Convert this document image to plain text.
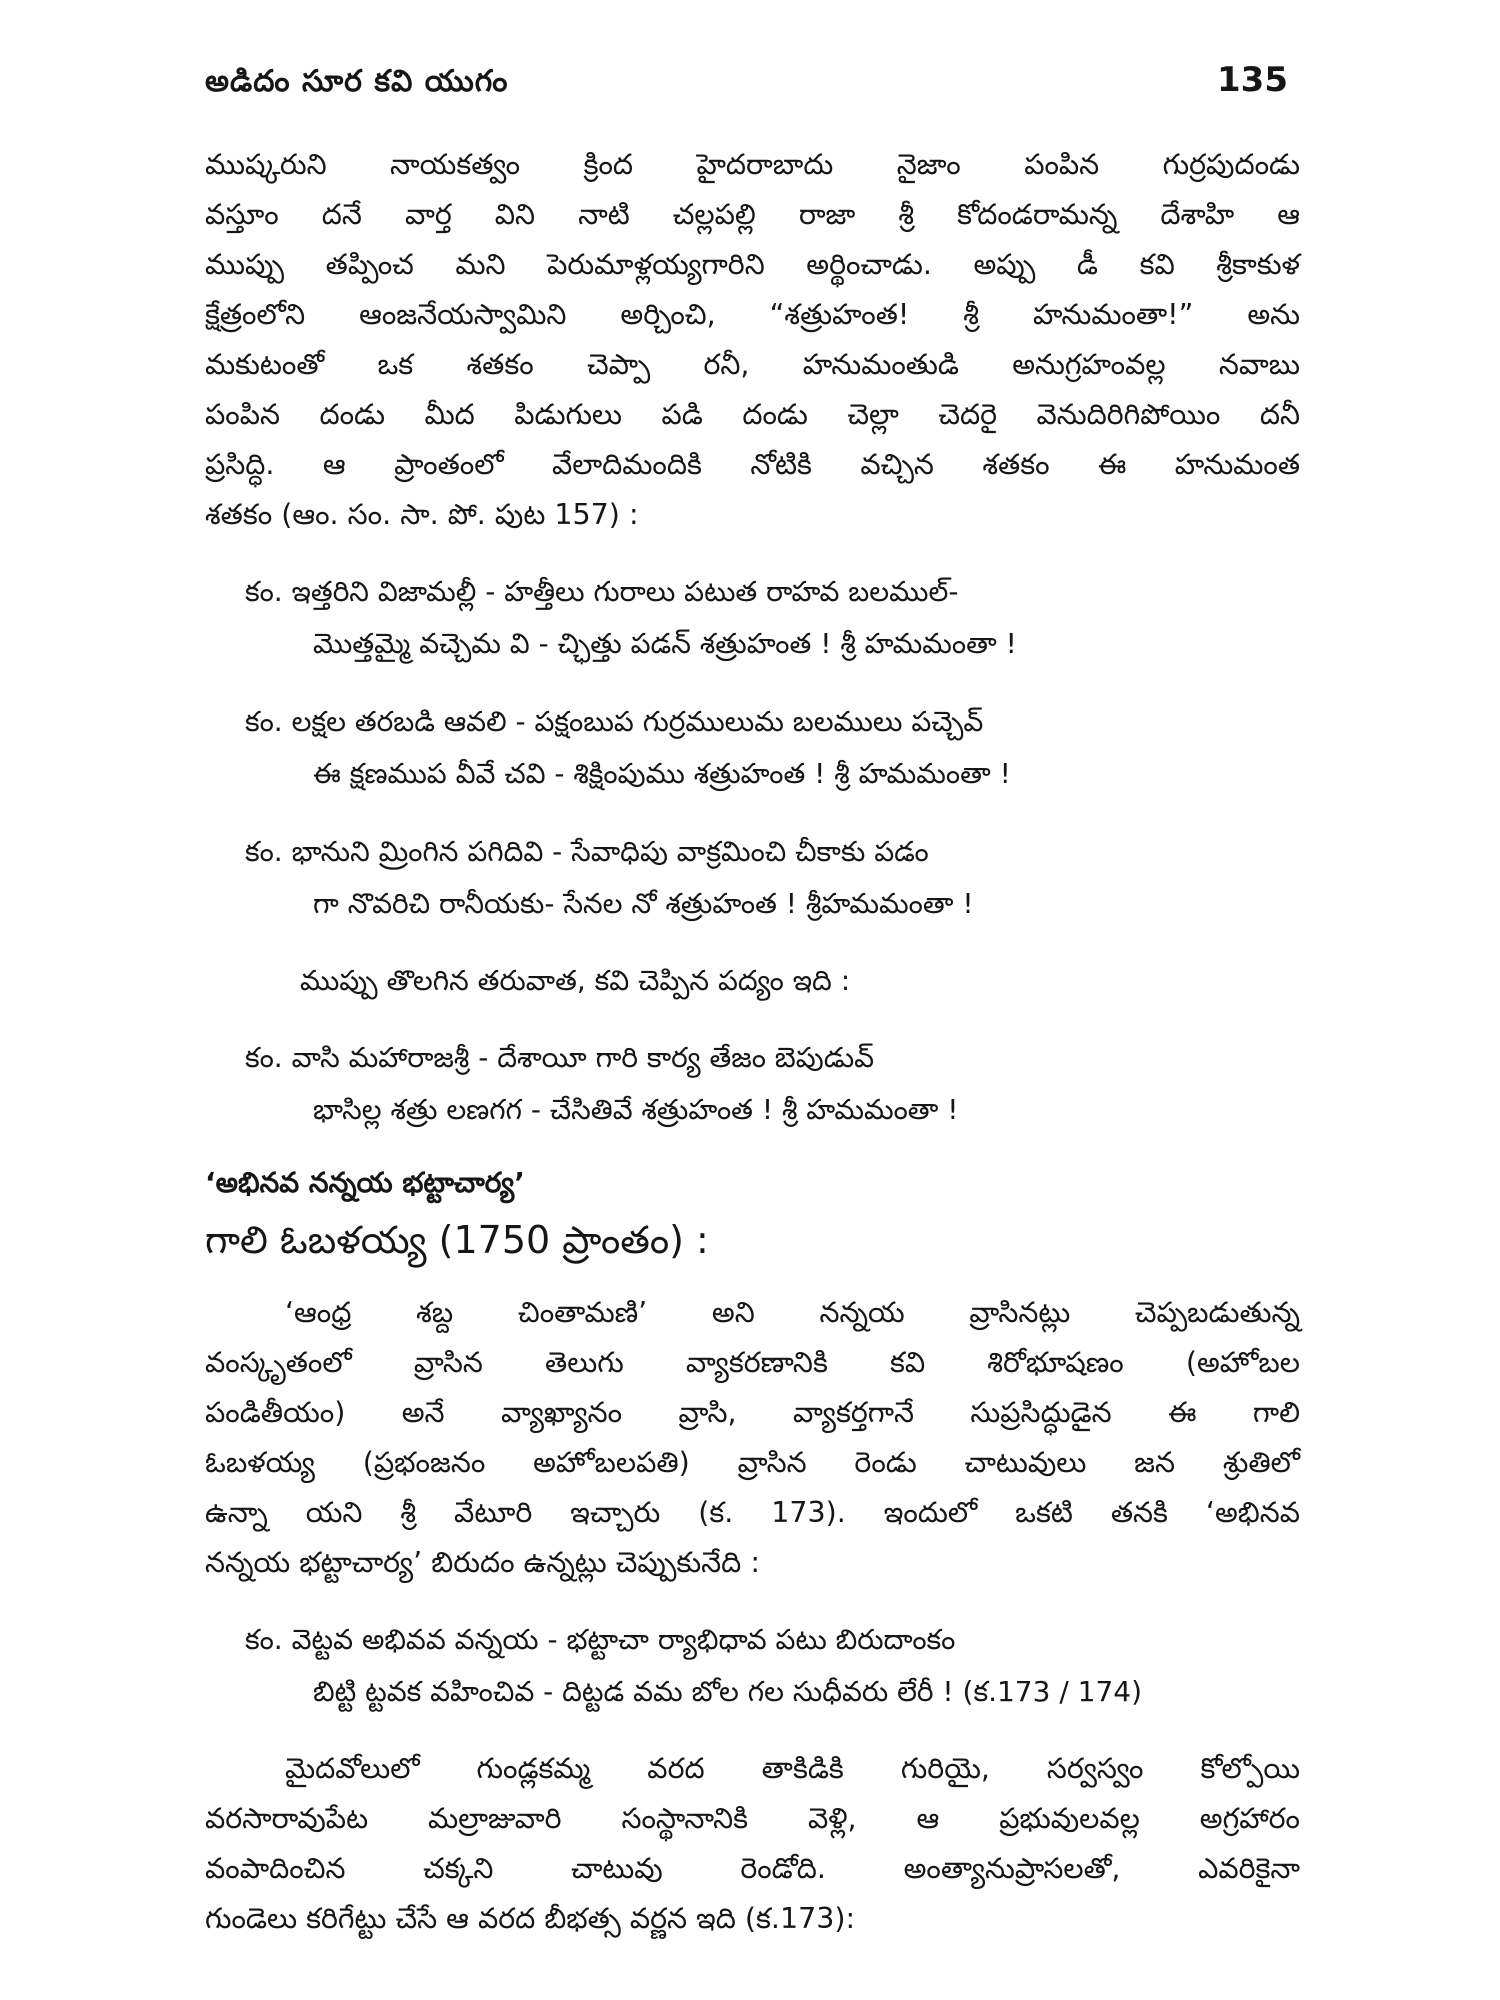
అడిదం సూర కవి యుగం	135

ముష్కరుని నాయకత్వం క్రింద హైదరాబాదు నైజాం పంపిన గుర్రపుదండు
వస్తూం దనే వార్త విని నాటి చల్లపల్లి రాజా శ్రీ కోదండరామన్న దేశాహి ఆ
ముప్పు తప్పించ మని పెరుమాళ్లయ్యగారిని అర్థించాడు. అప్పు డీ కవి శ్రీకాకుళ
క్షేత్రంలోని ఆంజనేయస్వామిని అర్చించి, “శత్రుహంత! శ్రీ హనుమంతా!” అను
మకుటంతో ఒక శతకం చెప్పా రనీ, హనుమంతుడి అనుగ్రహంవల్ల నవాబు
పంపిన దండు మీద పిడుగులు పడి దండు చెల్లా చెదరై వెనుదిరిగిపోయిం దనీ
ప్రసిద్ధి. ఆ ప్రాంతంలో వేలాదిమందికి నోటికి వచ్చిన శతకం ఈ హనుమంత
శతకం (ఆం. సం. సా. పో. పుట 157) :

కం. ఇత్తరిని విజామల్లీ - హత్తీలు గురాలు పటుత రాహవ బలముల్-
మొత్తమ్మై వచ్చెమ వి - చ్ఛిత్తు పడన్ శత్రుహంత ! శ్రీ హమమంతా !
కం. లక్షల తరబడి ఆవలి - పక్షంబుప గుర్రములుమ బలములు పచ్చెవ్
ఈ క్షణముప వీవే చవి - శిక్షింపుము శత్రుహంత ! శ్రీ హమమంతా !
కం. భానుని మ్రింగిన పగిదివి - సేవాధిపు వాక్రమించి చీకాకు పడం
గా నొవరిచి రానీయకు- సేనల నో శత్రుహంత ! శ్రీహమమంతా !
ముప్పు తొలగిన తరువాత, కవి చెప్పిన పద్యం ఇది :
కం. వాసి మహారాజశ్రీ - దేశాయీ గారి కార్య తేజం బెపుడువ్
భాసిల్ల శత్రు లణగగ - చేసితివే శత్రుహంత ! శ్రీ హమమంతా !
‘అభినవ నన్నయ భట్టాచార్య’
గాలి ఓబళయ్య (1750 ప్రాంతం) :

‘ఆంధ్ర శబ్ద చింతామణి’ అని నన్నయ వ్రాసినట్లు చెప్పబడుతున్న
వంస్కృతంలో వ్రాసిన తెలుగు వ్యాకరణానికి కవి శిరోభూషణం (అహోబల
పండితీయం) అనే వ్యాఖ్యానం వ్రాసి, వ్యాకర్తగానే సుప్రసిద్ధుడైన ఈ గాలి
ఓబళయ్య (ప్రభంజనం అహోబలపతి) వ్రాసిన రెండు చాటువులు జన శ్రుతిలో
ఉన్నా యని శ్రీ వేటూరి ఇచ్చారు (క. 173). ఇందులో ఒకటి తనకి ‘అభినవ
నన్నయ భట్టాచార్య’ బిరుదం ఉన్నట్లు చెప్పుకునేది :

కం. వెట్టవ అభివవ వన్నయ - భట్టాచా ర్యాభిధావ పటు బిరుదాంకం
బిట్టి ట్టవక వహించివ - దిట్టడ వమ బోల గల సుధీవరు లేరీ ! (క.173 / 174)

మైదవోలులో గుండ్లకమ్మ వరద తాకిడికి గురియై, సర్వస్వం కోల్పోయి
వరసారావుపేట మల్రాజువారి సంస్థానానికి వెళ్లి, ఆ ప్రభువులవల్ల అగ్రహారం
వంపాదించిన చక్కని చాటువు రెండోది. అంత్యానుప్రాసలతో, ఎవరికైనా
గుండెలు కరిగేట్టు చేసే ఆ వరద బీభత్స వర్ణన ఇది (క.173):
